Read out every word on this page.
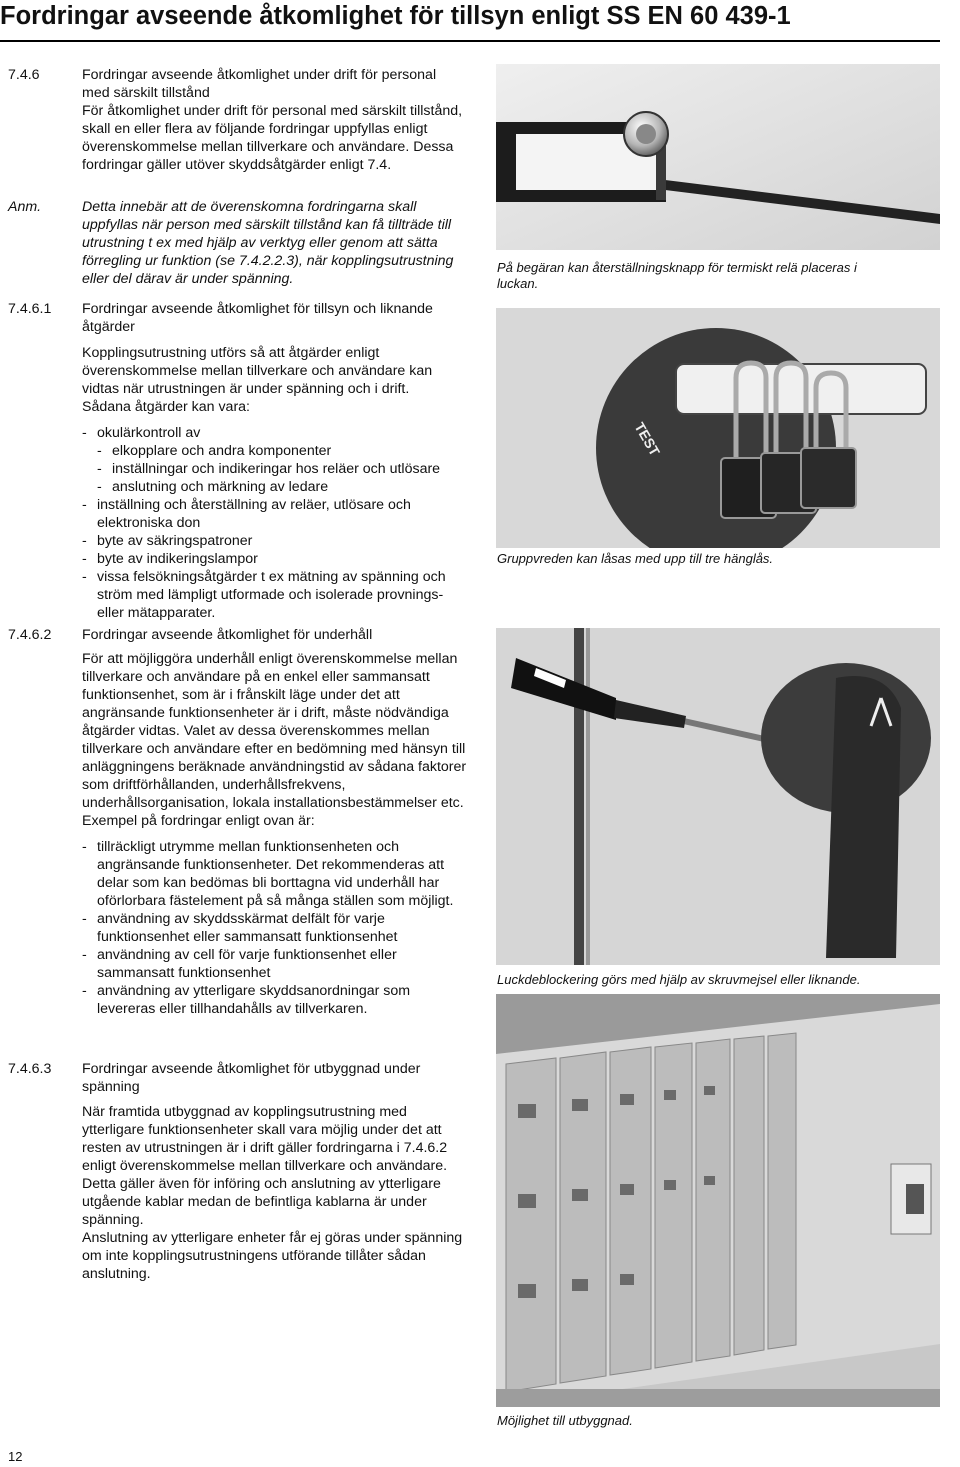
Fordringar avseende åtkomlighet för tillsyn enligt SS EN 60 439-1
7.4.6	Fordringar avseende åtkomlighet under drift för personal med särskilt tillstånd
För åtkomlighet under drift för personal med särskilt tillstånd, skall en eller flera av följande fordringar uppfyllas enligt överenskommelse mellan tillverkare och användare. Dessa fordringar gäller utöver skyddsåtgärder enligt 7.4.
Anm.	Detta innebär att de överenskomna fordringarna skall uppfyllas när person med särskilt tillstånd kan få tillträde till utrustning t ex med hjälp av verktyg eller genom att sätta förregling ur funktion (se 7.4.2.2.3), när kopplingsutrustning eller del därav är under spänning.
7.4.6.1 Fordringar avseende åtkomlighet för tillsyn och liknande åtgärder

Kopplingsutrustning utförs så att åtgärder enligt överenskommelse mellan tillverkare och användare kan vidtas när utrustningen är under spänning och i drift.

Sådana åtgärder kan vara:

- okulärkontroll av
- elkopplare och andra komponenter
- inställningar och indikeringar hos reläer och utlösare
- anslutning och märkning av ledare
- inställning och återställning av reläer, utlösare och elektroniska don
- byte av säkringspatroner
- byte av indikeringslampor
- vissa felsökningsåtgärder t ex mätning av spänning och ström med lämpligt utformade och isolerade provnings- eller mätapparater.
7.4.6.2 Fordringar avseende åtkomlighet för underhåll

För att möjliggöra underhåll enligt överenskommelse mellan tillverkare och användare på en enkel eller sammansatt funktionsenhet, som är i frånskilt läge under det att angränsande funktionsenheter är i drift, måste nödvändiga åtgärder vidtas. Valet av dessa överenskommes mellan tillverkare och användare efter en bedömning med hänsyn till anläggningens beräknade användningstid av sådana faktorer som driftförhållanden, underhållsfrekvens, underhållsorganisation, lokala installationsbestämmelser etc.

Exempel på fordringar enligt ovan är:

- tillräckligt utrymme mellan funktionsenheten och angränsande funktionsenheter. Det rekommenderas att delar som kan bedömas bli borttagna vid underhåll har oförlorbara fästelement på så många ställen som möjligt.
- användning av skyddsskärmat delfält för varje funktionsenhet eller sammansatt funktionsenhet
- användning av cell för varje funktionsenhet eller sammansatt funktionsenhet
- användning av ytterligare skyddsanordningar som levereras eller tillhandahålls av tillverkaren.
7.4.6.3 Fordringar avseende åtkomlighet för utbyggnad under spänning

När framtida utbyggnad av kopplingsutrustning med ytterligare funktionsenheter skall vara möjlig under det att resten av utrustningen är i drift gäller fordringarna i 7.4.6.2 enligt överenskommelse mellan tillverkare och användare. Detta gäller även för införing och anslutning av ytterligare utgående kablar medan de befintliga kablarna är under spänning.

Anslutning av ytterligare enheter får ej göras under spänning om inte kopplingsutrustningens utförande tillåter sådan anslutning.

På begäran kan återställningsknapp för termiskt relä placeras i luckan.
TEST
Gruppvreden kan låsas med upp till tre hänglås.
Luckdeblockering görs med hjälp av skruvmejsel eller liknande.
Möjlighet till utbyggnad.
12
